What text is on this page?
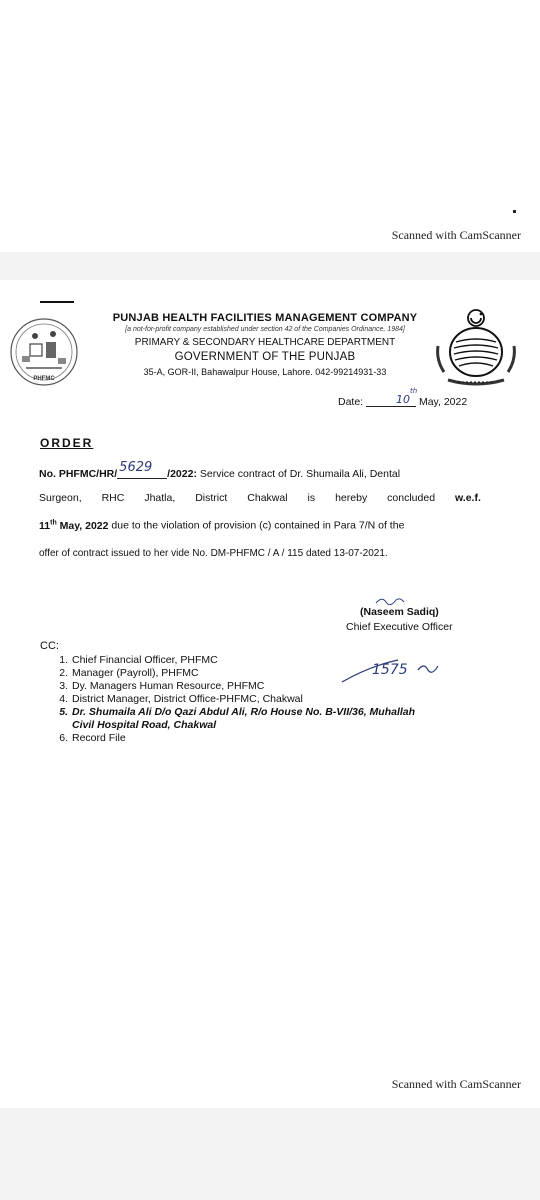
Scanned with CamScanner
PHFMC
PUNJAB HEALTH FACILITIES MANAGEMENT COMPANY
[a not-for-profit company established under section 42 of the Companies Ordinance, 1984]
PRIMARY & SECONDARY HEALTHCARE DEPARTMENT
GOVERNMENT OF THE PUNJAB
35-A, GOR-II, Bahawalpur House, Lahore. 042-99214931-33
Date:	10
th
May, 2022
ORDER
No. PHFMC/HR/ 5629 /2022: Service contract of Dr. Shumaila Ali, Dental
Surgeon, RHC Jhatla, District Chakwal is hereby concluded w.e.f.
11th May, 2022 due to the violation of provision (c) contained in Para 7/N of the
offer of contract issued to her vide No. DM-PHFMC / A / 115 dated 13-07-2021.
(Naseem Sadiq)
Chief Executive Officer
CC:
1. Chief Financial Officer, PHFMC
2. Manager (Payroll), PHFMC
3. Dy. Managers Human Resource, PHFMC
4. District Manager, District Office-PHFMC, Chakwal
5. Dr. Shumaila Ali D/o Qazi Abdul Ali, R/o House No. B-VII/36, Muhallah
Civil Hospital Road, Chakwal
6. Record File
1575
Scanned with CamScanner
